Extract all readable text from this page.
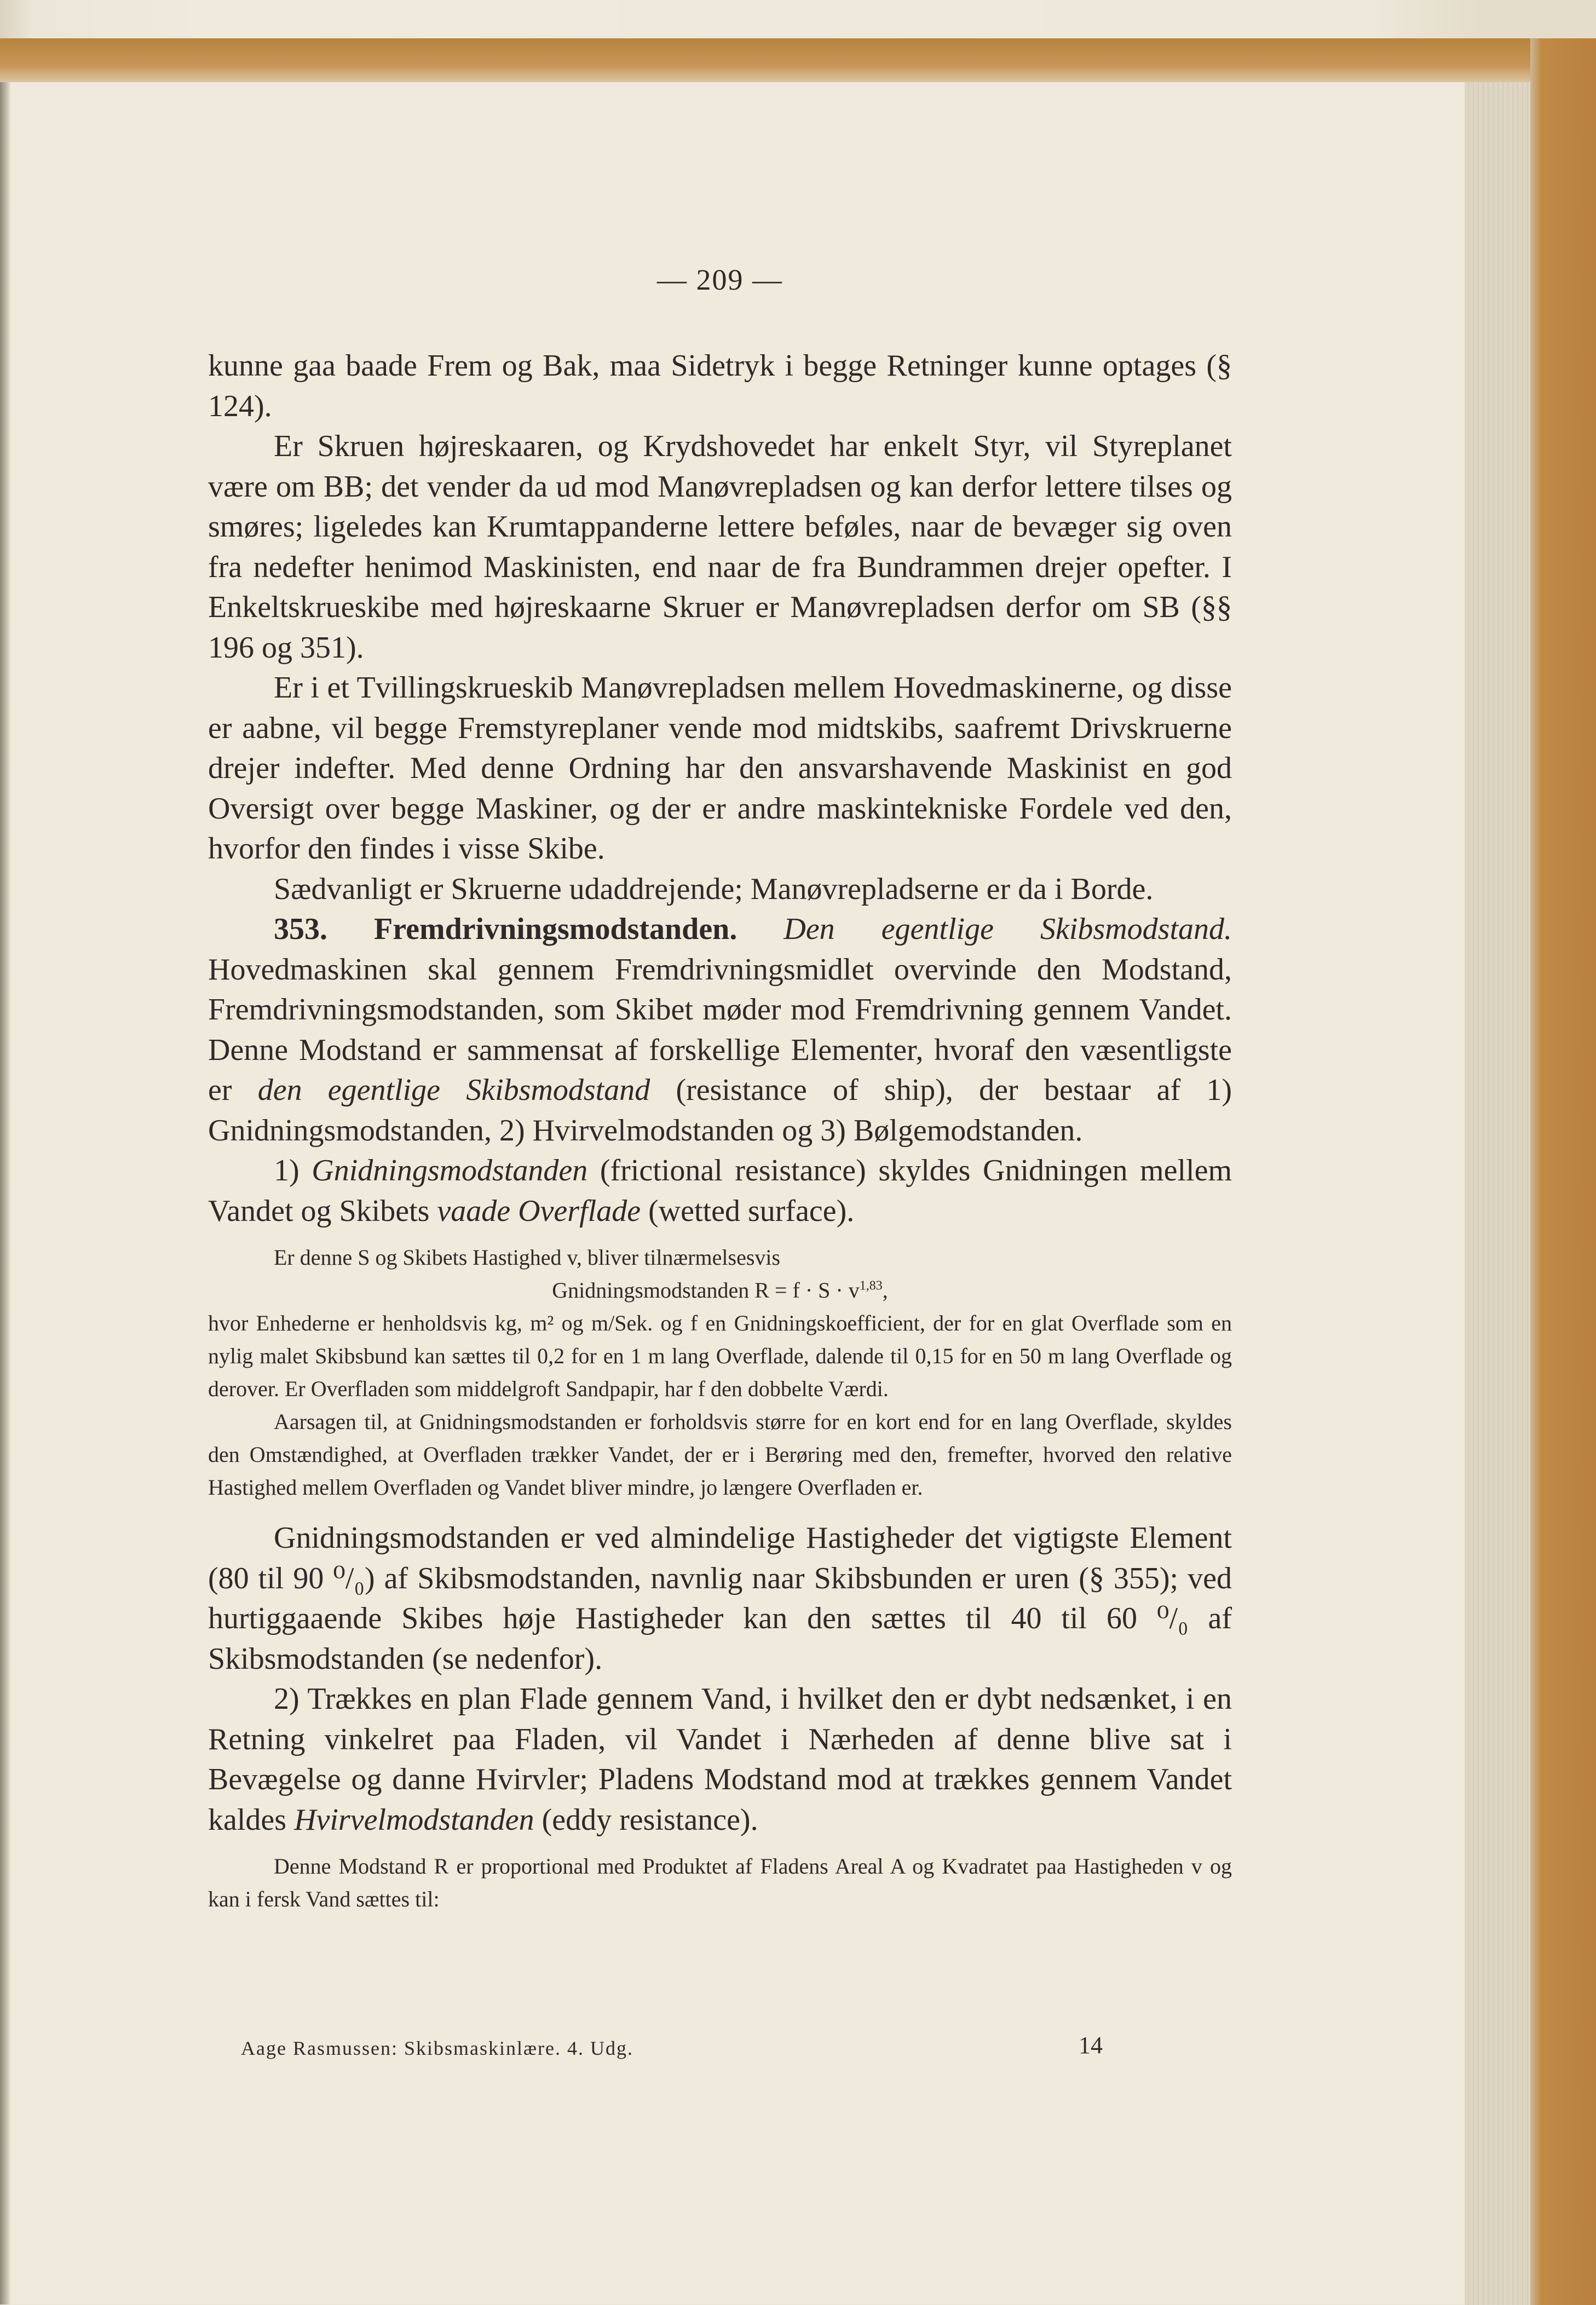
— 209 —

kunne gaa baade Frem og Bak, maa Sidetryk i begge Retninger kunne optages (§ 124).

Er Skruen højreskaaren, og Krydshovedet har enkelt Styr, vil Styreplanet være om BB; det vender da ud mod Manøvrepladsen og kan derfor lettere tilses og smøres; ligeledes kan Krumtappanderne lettere beføles, naar de bevæger sig oven fra nedefter henimod Maskinisten, end naar de fra Bundrammen drejer opefter. I Enkeltskrueskibe med højreskaarne Skruer er Manøvrepladsen derfor om SB (§§ 196 og 351).

Er i et Tvillingskrueskib Manøvrepladsen mellem Hovedmaskinerne, og disse er aabne, vil begge Fremstyreplaner vende mod midtskibs, saafremt Drivskruerne drejer indefter. Med denne Ordning har den ansvarshavende Maskinist en god Oversigt over begge Maskiner, og der er andre maskintekniske Fordele ved den, hvorfor den findes i visse Skibe.

Sædvanligt er Skruerne udaddrejende; Manøvrepladserne er da i Borde.

353. Fremdrivningsmodstanden. Den egentlige Skibsmodstand. Hovedmaskinen skal gennem Fremdrivningsmidlet overvinde den Modstand, Fremdrivningsmodstanden, som Skibet møder mod Fremdrivning gennem Vandet. Denne Modstand er sammensat af forskellige Elementer, hvoraf den væsentligste er den egentlige Skibsmodstand (resistance of ship), der bestaar af 1) Gnidningsmodstanden, 2) Hvirvelmodstanden og 3) Bølgemodstanden.

1) Gnidningsmodstanden (frictional resistance) skyldes Gnidningen mellem Vandet og Skibets vaade Overflade (wetted surface).

Er denne S og Skibets Hastighed v, bliver tilnærmelsesvis

Gnidningsmodstanden $R = f \cdot S \cdot v^{1,83}$,

hvor Enhederne er henholdsvis kg, m² og m/Sek. og f en Gnidningskoefficient, der for en glat Overflade som en nylig malet Skibsbund kan sættes til 0,2 for en 1 m lang Overflade, dalende til 0,15 for en 50 m lang Overflade og derover. Er Overfladen som middelgroft Sandpapir, har f den dobbelte Værdi.

Aarsagen til, at Gnidningsmodstanden er forholdsvis større for en kort end for en lang Overflade, skyldes den Omstændighed, at Overfladen trækker Vandet, der er i Berøring med den, fremefter, hvorved den relative Hastighed mellem Overfladen og Vandet bliver mindre, jo længere Overfladen er.

Gnidningsmodstanden er ved almindelige Hastigheder det vigtigste Element (80 til 90 ⁰/₀) af Skibsmodstanden, navnlig naar Skibsbunden er uren (§ 355); ved hurtiggaaende Skibes høje Hastigheder kan den sættes til 40 til 60 ⁰/₀ af Skibsmodstanden (se nedenfor).

2) Trækkes en plan Flade gennem Vand, i hvilket den er dybt nedsænket, i en Retning vinkelret paa Fladen, vil Vandet i Nærheden af denne blive sat i Bevægelse og danne Hvirvler; Pladens Modstand mod at trækkes gennem Vandet kaldes Hvirvelmodstanden (eddy resistance).

Denne Modstand R er proportional med Produktet af Fladens Areal A og Kvadratet paa Hastigheden v og kan i fersk Vand sættes til:

Aage Rasmussen: Skibsmaskinlære. 4. Udg.	14
